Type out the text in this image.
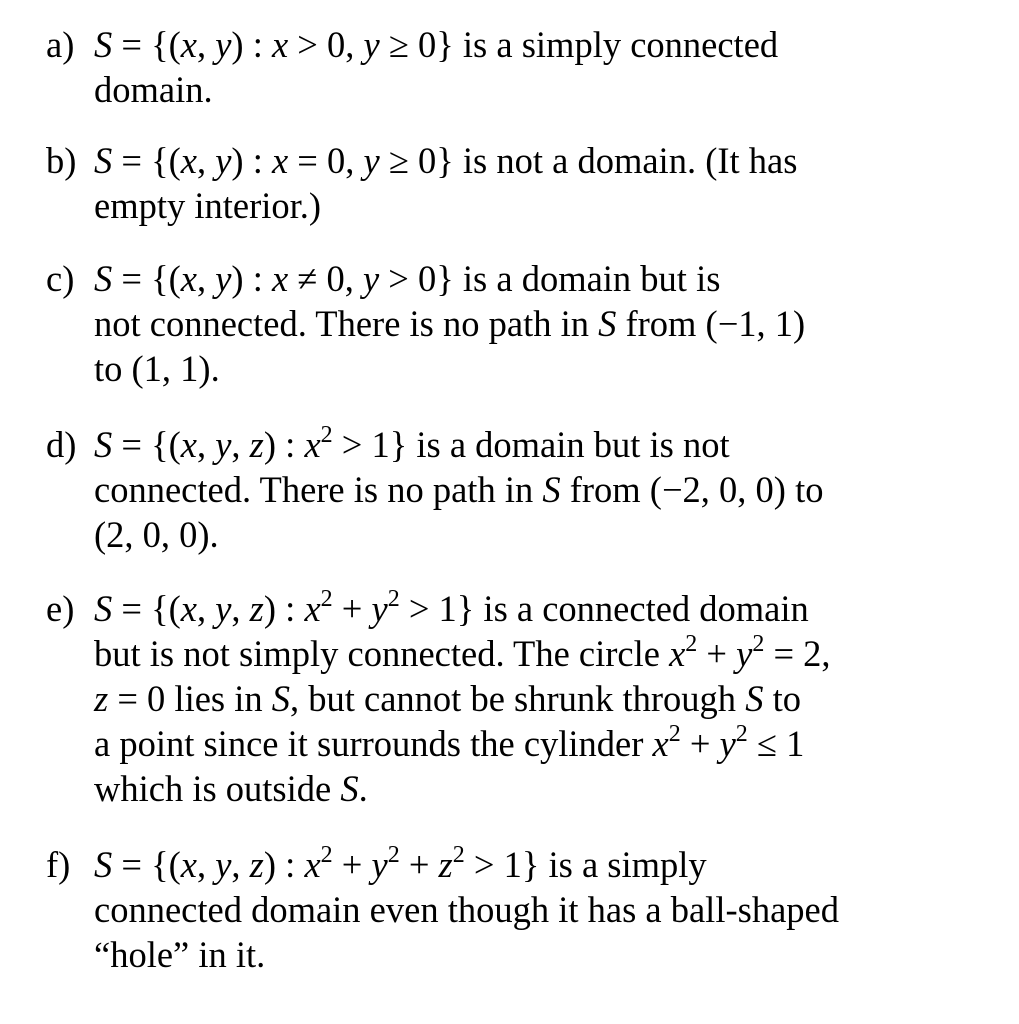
a) S = {(x, y) : x > 0, y ≥ 0} is a simply connected
domain.
b) S = {(x, y) : x = 0, y ≥ 0} is not a domain. (It has
empty interior.)
c) S = {(x, y) : x ≠ 0, y > 0} is a domain but is
not connected. There is no path in S from (−1, 1)
to (1, 1).
d) S = {(x, y, z) : $x^2 > 1$} is a domain but is not
connected. There is no path in S from (−2, 0, 0) to
(2, 0, 0).
e) S = {(x, y, z) : $x^2 + y^2 > 1$} is a connected domain
but is not simply connected. The circle $x^2 + y^2 = 2$,
z = 0 lies in S, but cannot be shrunk through S to
a point since it surrounds the cylinder $x^2 + y^2 \le 1$
which is outside S.
f) S = {(x, y, z) : $x^2 + y^2 + z^2 > 1$} is a simply
connected domain even though it has a ball-shaped
“hole” in it.
